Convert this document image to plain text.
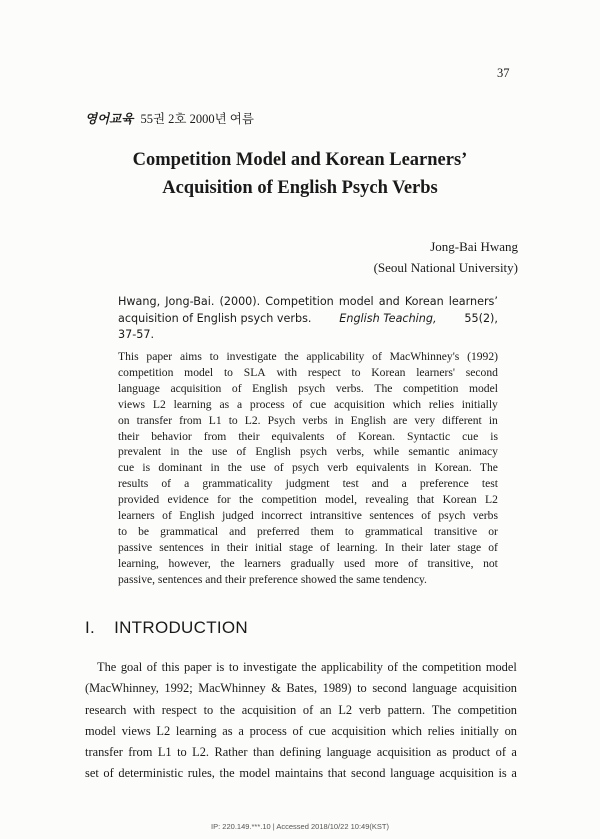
37
영어교육 55권 2호 2000년 여름
Competition Model and Korean Learners’
Acquisition of English Psych Verbs
Jong-Bai Hwang
(Seoul National University)
Hwang, Jong-Bai. (2000). Competition model and Korean learners’
acquisition of English psych verbs. English Teaching, 55(2),
37-57.
This paper aims to investigate the applicability of MacWhinney's (1992)
competition model to SLA with respect to Korean learners' second
language acquisition of English psych verbs. The competition model
views L2 learning as a process of cue acquisition which relies initially
on transfer from L1 to L2. Psych verbs in English are very different in
their behavior from their equivalents of Korean. Syntactic cue is
prevalent in the use of English psych verbs, while semantic animacy
cue is dominant in the use of psych verb equivalents in Korean. The
results of a grammaticality judgment test and a preference test
provided evidence for the competition model, revealing that Korean L2
learners of English judged incorrect intransitive sentences of psych verbs
to be grammatical and preferred them to grammatical transitive or
passive sentences in their initial stage of learning. In their later stage of
learning, however, the learners gradually used more of transitive, not
passive, sentences and their preference showed the same tendency.
I. INTRODUCTION
The goal of this paper is to investigate the applicability of the competition model
(MacWhinney, 1992; MacWhinney & Bates, 1989) to second language acquisition
research with respect to the acquisition of an L2 verb pattern. The competition
model views L2 learning as a process of cue acquisition which relies initially on
transfer from L1 to L2. Rather than defining language acquisition as product of a
set of deterministic rules, the model maintains that second language acquisition is a
IP: 220.149.***.10 | Accessed 2018/10/22 10:49(KST)
